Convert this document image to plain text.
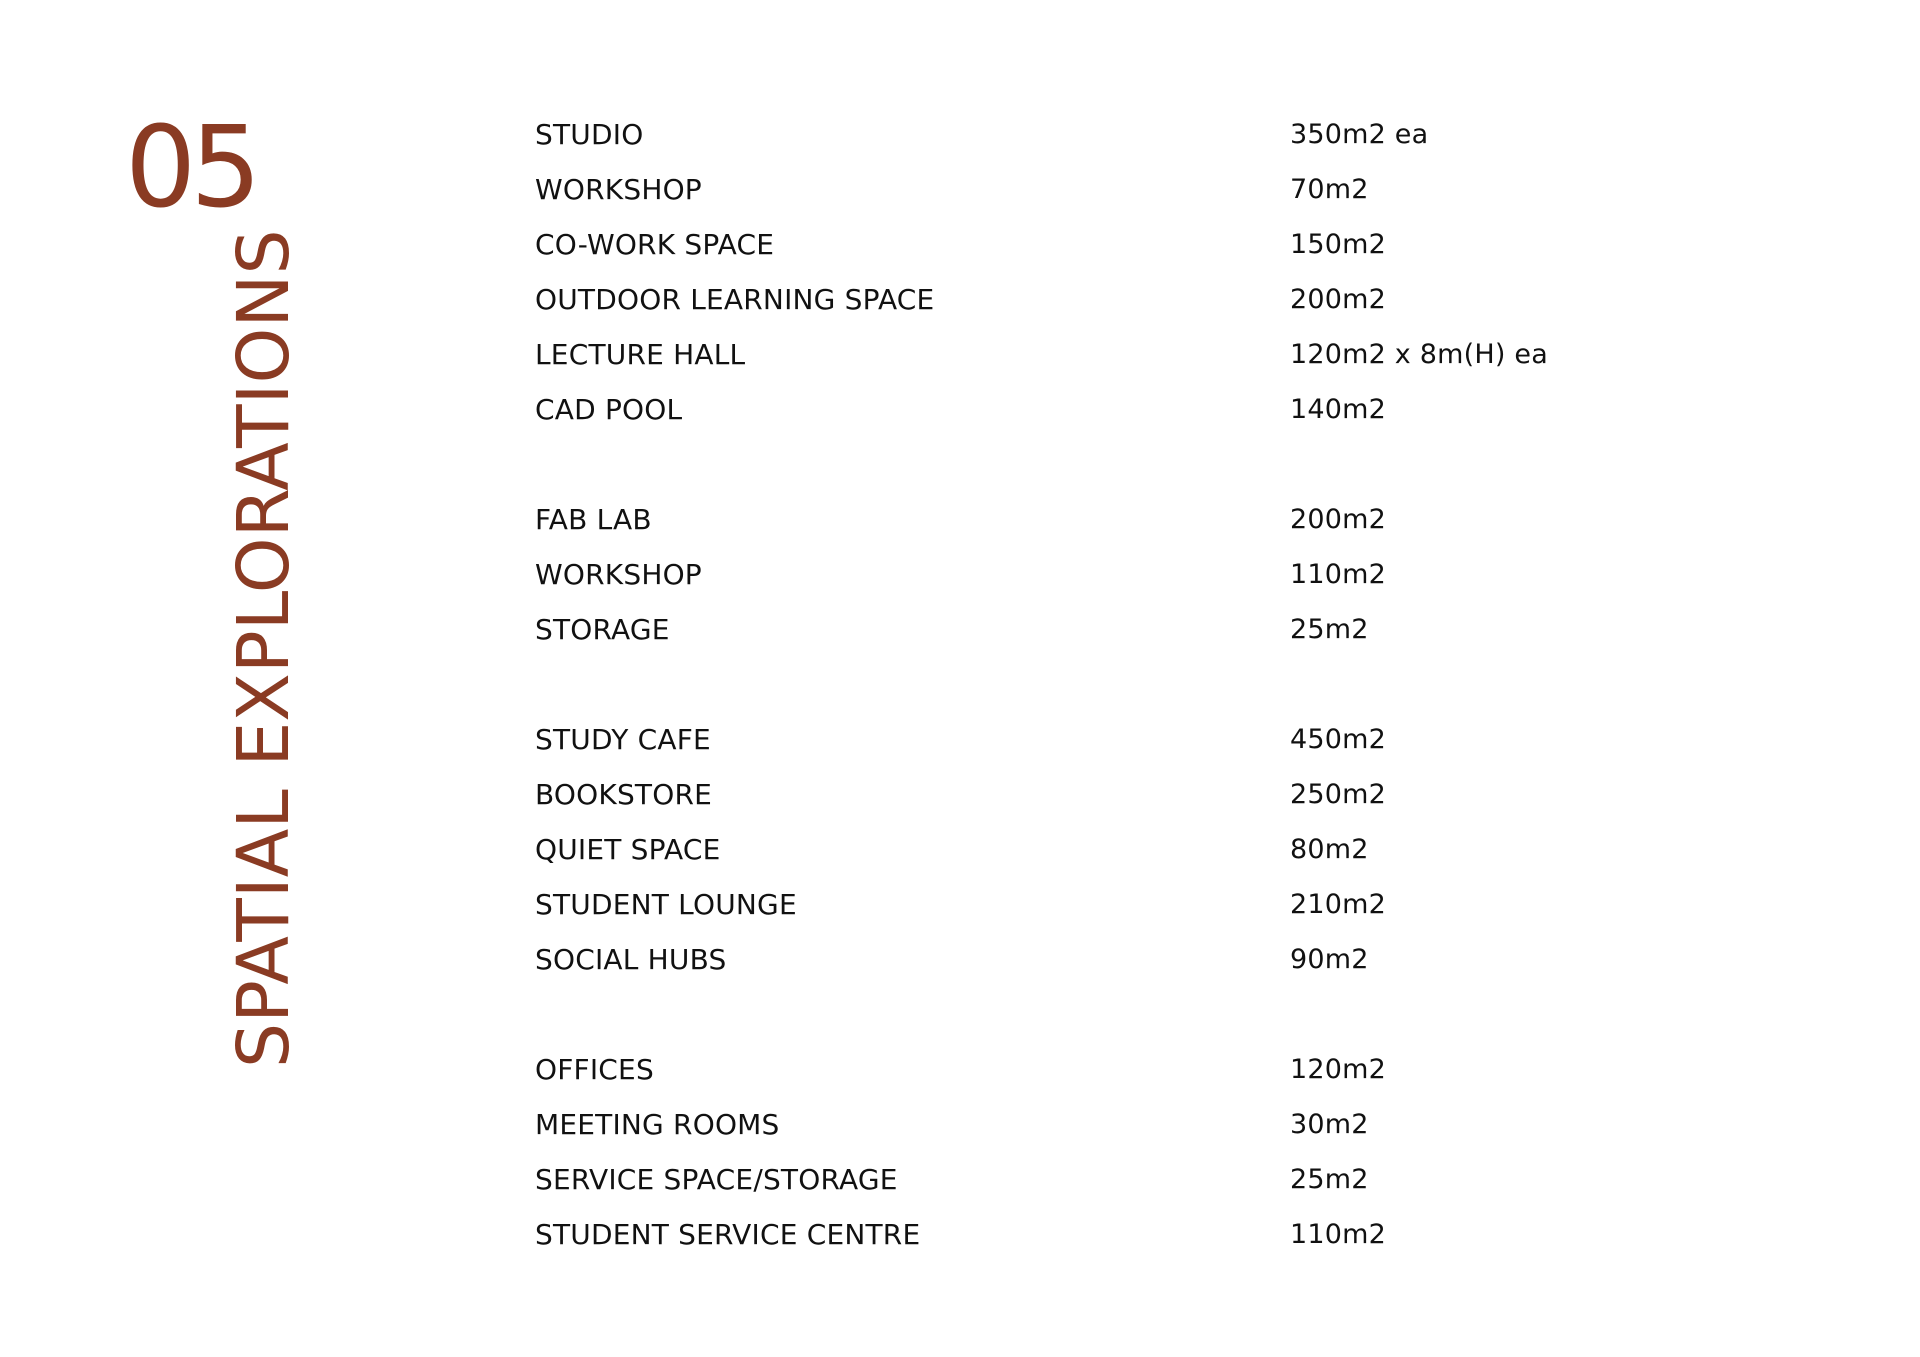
05
SPATIAL EXPLORATIONS
STUDIO	350m2 ea
WORKSHOP	70m2
CO-WORK SPACE	150m2
OUTDOOR LEARNING SPACE	200m2
LECTURE HALL	120m2 x 8m(H) ea
CAD POOL	140m2
FAB LAB	200m2
WORKSHOP	110m2
STORAGE	25m2
STUDY CAFE	450m2
BOOKSTORE	250m2
QUIET SPACE	80m2
STUDENT LOUNGE	210m2
SOCIAL HUBS	90m2
OFFICES	120m2
MEETING ROOMS	30m2
SERVICE SPACE/STORAGE	25m2
STUDENT SERVICE CENTRE	110m2
